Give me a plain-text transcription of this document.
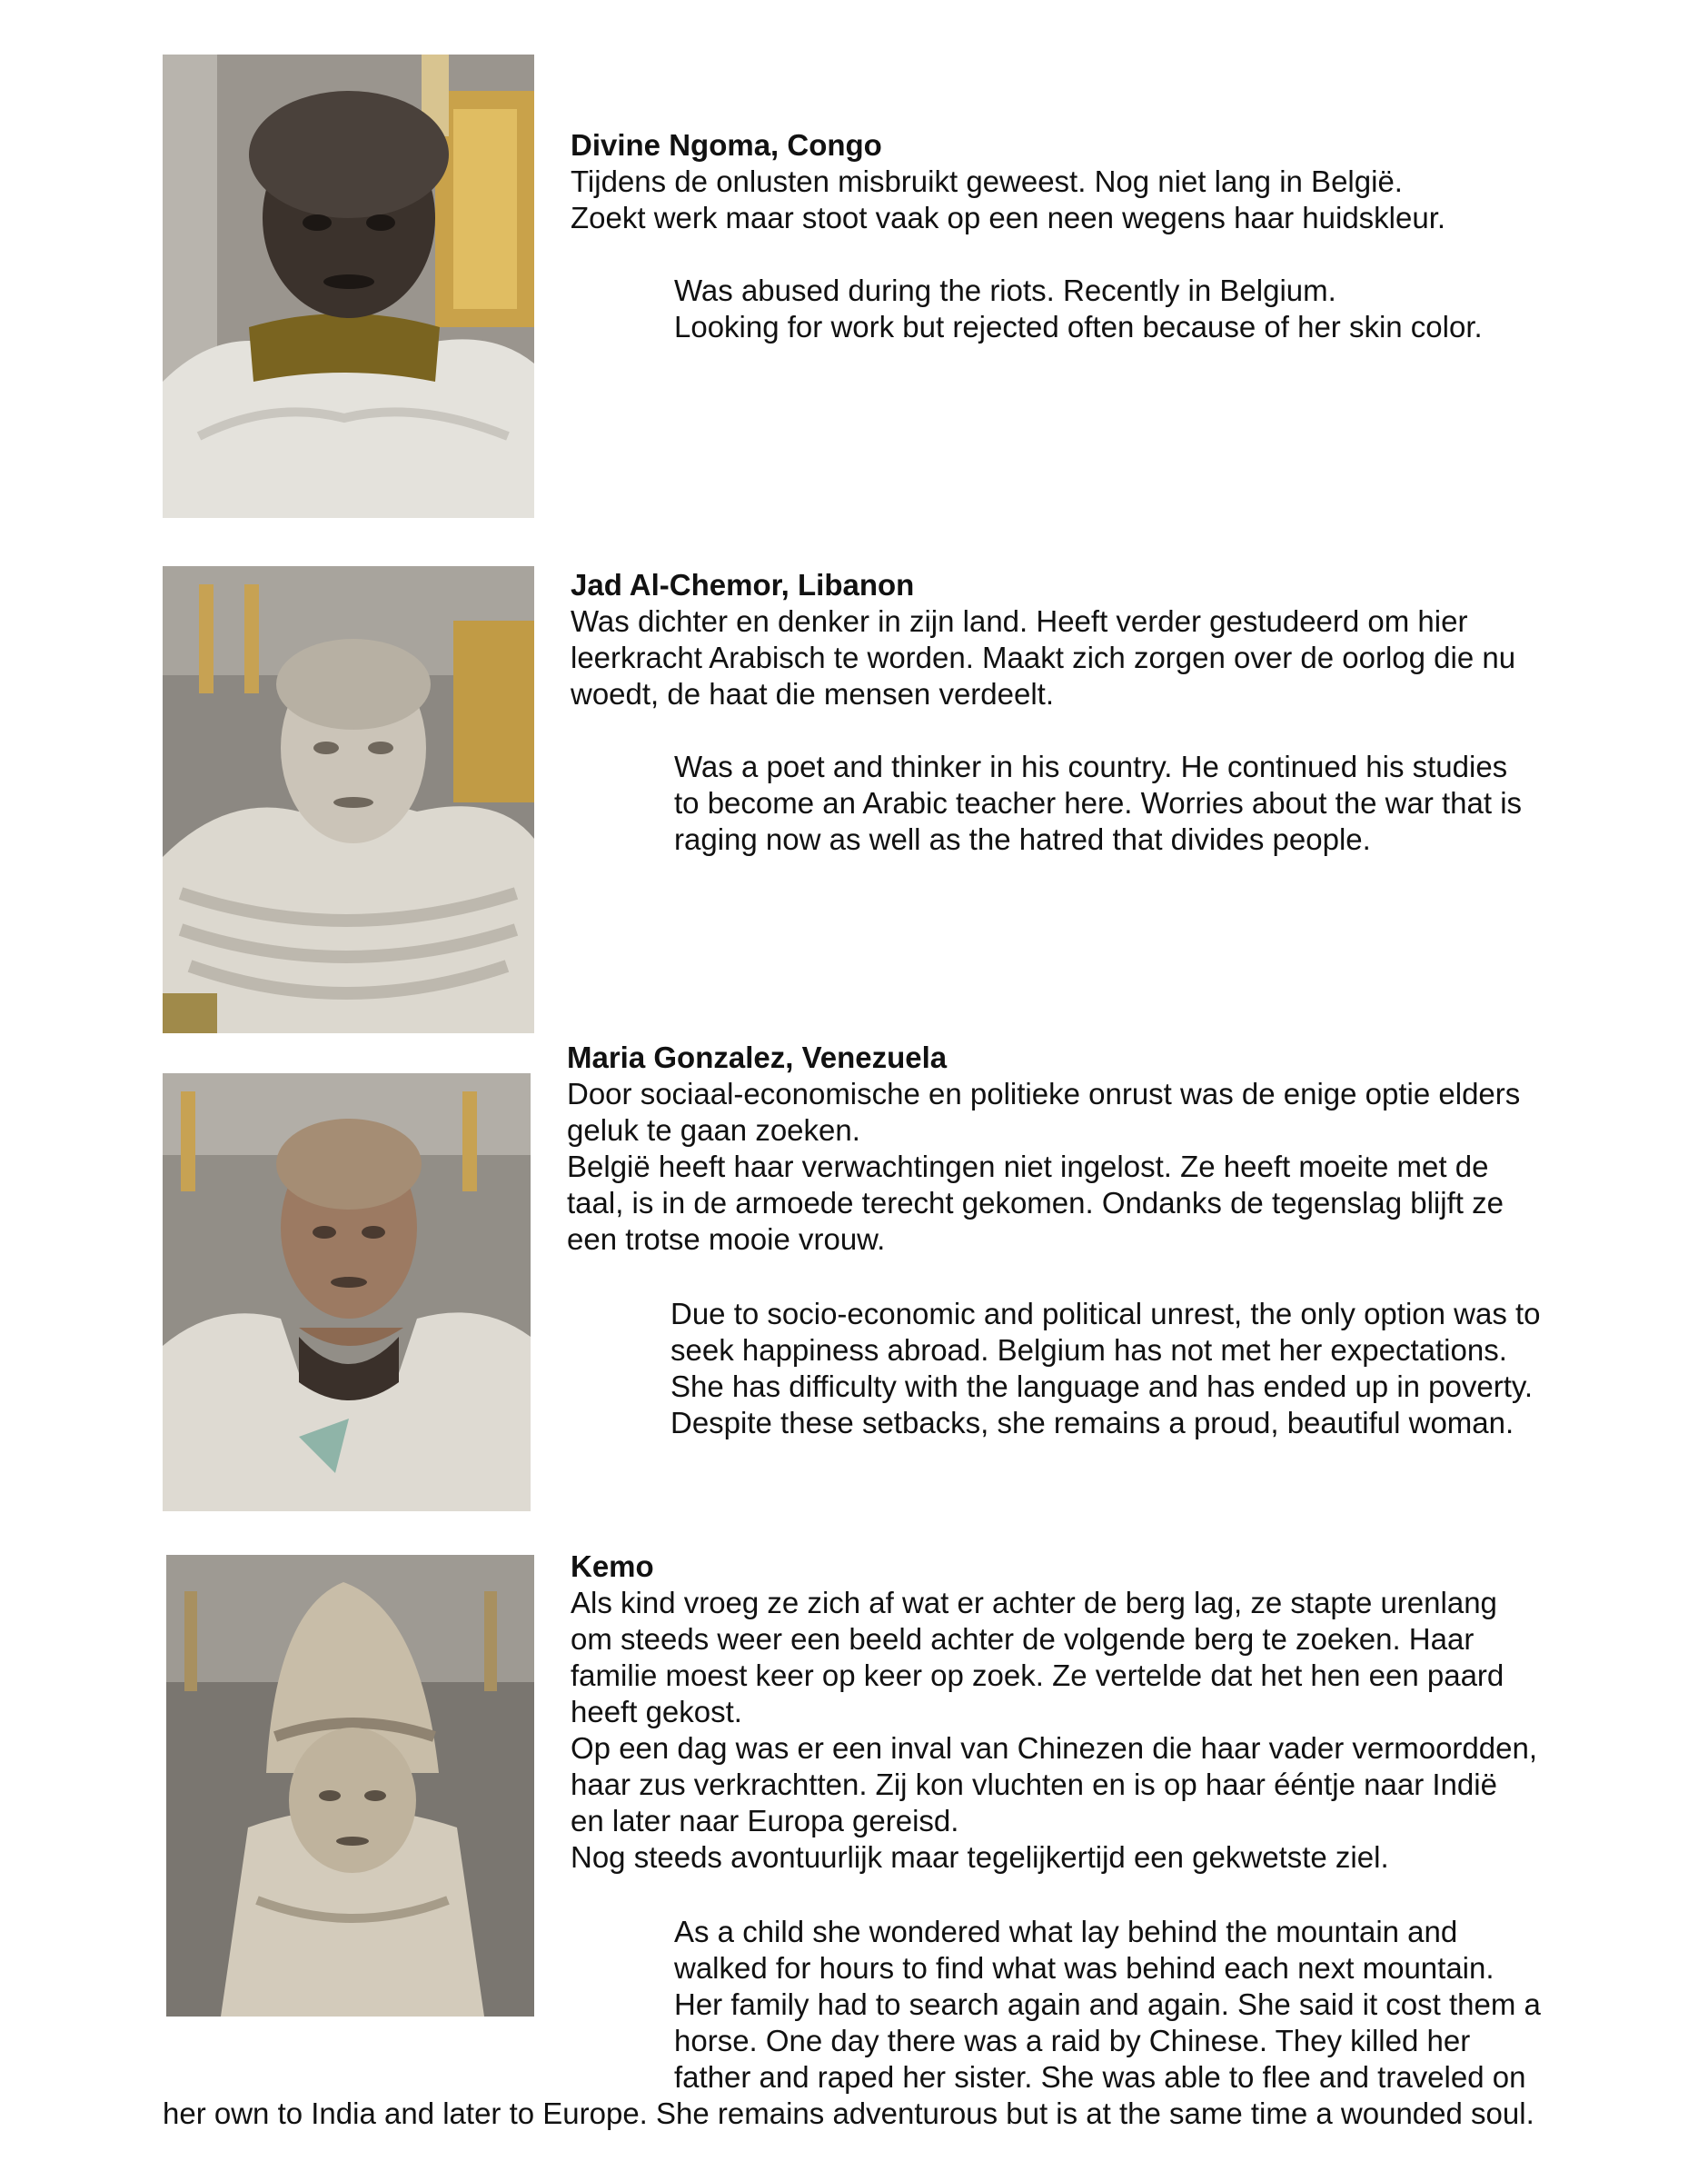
Divine Ngoma, Congo
Tijdens de onlusten misbruikt geweest. Nog niet lang in België.
Zoekt werk maar stoot vaak op een neen wegens haar huidskleur.
Was abused during the riots. Recently in Belgium.
Looking for work but rejected often because of her skin color.
Jad Al-Chemor, Libanon
Was dichter en denker in zijn land. Heeft verder gestudeerd om hier
leerkracht Arabisch te worden. Maakt zich zorgen over de oorlog die nu
woedt, de haat die mensen verdeelt.
Was a poet and thinker in his country. He continued his studies
to become an Arabic teacher here. Worries about the war that is
raging now as well as the hatred that divides people.
Maria Gonzalez, Venezuela
Door sociaal-economische en politieke onrust was de enige optie elders
geluk te gaan zoeken.
België heeft haar verwachtingen niet ingelost. Ze heeft moeite met de
taal, is in de armoede terecht gekomen. Ondanks de tegenslag blijft ze
een trotse mooie vrouw.
Due to socio-economic and political unrest, the only option was to
seek happiness abroad. Belgium has not met her expectations.
She has difficulty with the language and has ended up in poverty.
Despite these setbacks, she remains a proud, beautiful woman.
Kemo
Als kind vroeg ze zich af wat er achter de berg lag, ze stapte urenlang
om steeds weer een beeld achter de volgende berg te zoeken. Haar
familie moest keer op keer op zoek. Ze vertelde dat het hen een paard
heeft gekost.
Op een dag was er een inval van Chinezen die haar vader vermoordden,
haar zus verkrachtten. Zij kon vluchten en is op haar ééntje naar Indië
en later naar Europa gereisd.
Nog steeds avontuurlijk maar tegelijkertijd een gekwetste ziel.
As a child she wondered what lay behind the mountain and
walked for hours to find what was behind each next mountain.
Her family had to search again and again. She said it cost them a
horse. One day there was a raid by Chinese. They killed her
father and raped her sister. She was able to flee and traveled on
her own to India and later to Europe. She remains adventurous but is at the same time a wounded soul.
